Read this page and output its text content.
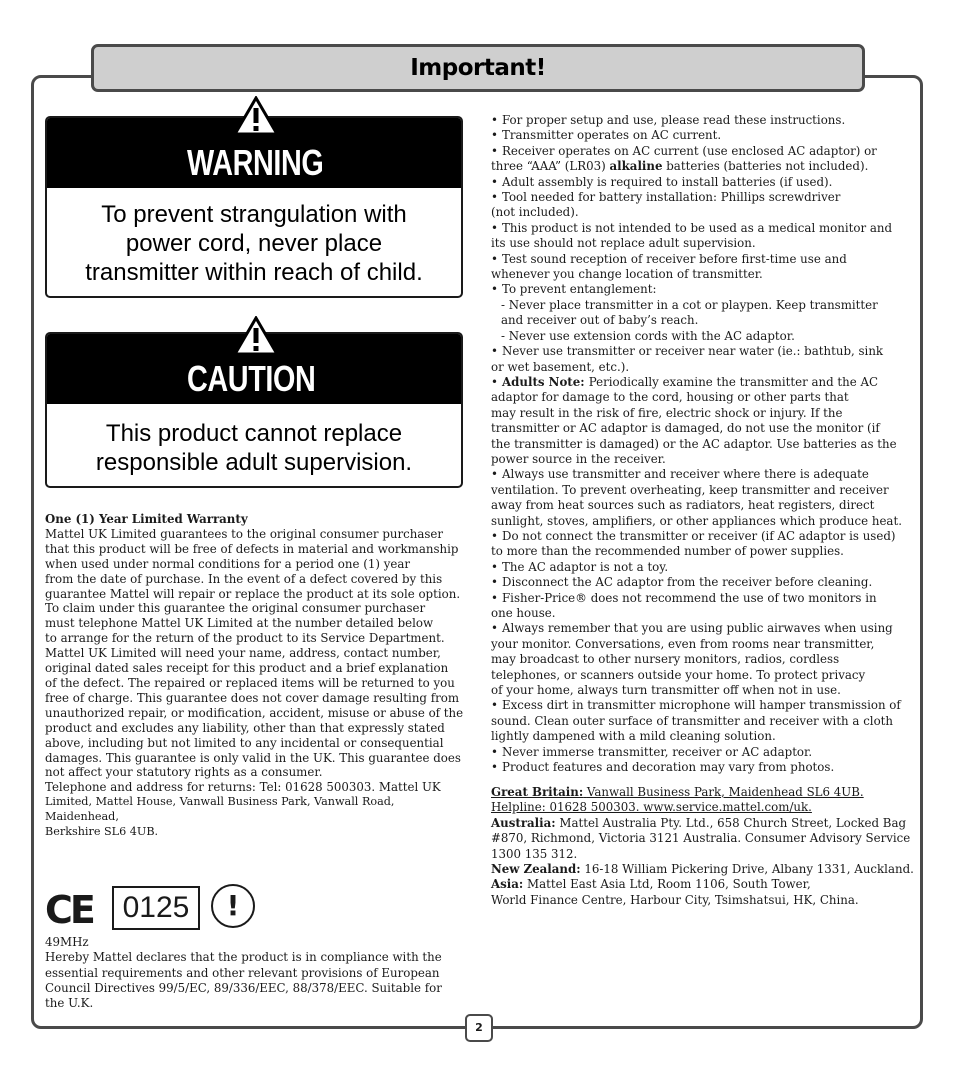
Important!
WARNING
To prevent strangulation with
power cord, never place
transmitter within reach of child.
CAUTION
This product cannot replace
responsible adult supervision.
One (1) Year Limited Warranty
Mattel UK Limited guarantees to the original consumer purchaser
that this product will be free of defects in material and workmanship
when used under normal conditions for a period one (1) year
from the date of purchase. In the event of a defect covered by this
guarantee Mattel will repair or replace the product at its sole option.
To claim under this guarantee the original consumer purchaser
must telephone Mattel UK Limited at the number detailed below
to arrange for the return of the product to its Service Department.
Mattel UK Limited will need your name, address, contact number,
original dated sales receipt for this product and a brief explanation
of the defect. The repaired or replaced items will be returned to you
free of charge. This guarantee does not cover damage resulting from
unauthorized repair, or modification, accident, misuse or abuse of the
product and excludes any liability, other than that expressly stated
above, including but not limited to any incidental or consequential
damages. This guarantee is only valid in the UK. This guarantee does
not affect your statutory rights as a consumer.
Telephone and address for returns: Tel: 01628 500303. Mattel UK
Limited, Mattel House, Vanwall Business Park, Vanwall Road, Maidenhead,
Berkshire SL6 4UB.
CE 0125	!
49MHz
Hereby Mattel declares that the product is in compliance with the
essential requirements and other relevant provisions of European
Council Directives 99/5/EC, 89/336/EEC, 88/378/EEC. Suitable for
the U.K.
• For proper setup and use, please read these instructions.
• Transmitter operates on AC current.
• Receiver operates on AC current (use enclosed AC adaptor) or
three “AAA” (LR03) alkaline batteries (batteries not included).
• Adult assembly is required to install batteries (if used).
• Tool needed for battery installation: Phillips screwdriver
(not included).
• This product is not intended to be used as a medical monitor and
its use should not replace adult supervision.
• Test sound reception of receiver before first-time use and
whenever you change location of transmitter.
• To prevent entanglement:
- Never place transmitter in a cot or playpen. Keep transmitter
and receiver out of baby’s reach.
- Never use extension cords with the AC adaptor.
• Never use transmitter or receiver near water (ie.: bathtub, sink
or wet basement, etc.).
• Adults Note: Periodically examine the transmitter and the AC
adaptor for damage to the cord, housing or other parts that
may result in the risk of fire, electric shock or injury. If the
transmitter or AC adaptor is damaged, do not use the monitor (if
the transmitter is damaged) or the AC adaptor. Use batteries as the
power source in the receiver.
• Always use transmitter and receiver where there is adequate
ventilation. To prevent overheating, keep transmitter and receiver
away from heat sources such as radiators, heat registers, direct
sunlight, stoves, amplifiers, or other appliances which produce heat.
• Do not connect the transmitter or receiver (if AC adaptor is used)
to more than the recommended number of power supplies.
• The AC adaptor is not a toy.
• Disconnect the AC adaptor from the receiver before cleaning.
• Fisher-Price® does not recommend the use of two monitors in
one house.
• Always remember that you are using public airwaves when using
your monitor. Conversations, even from rooms near transmitter,
may broadcast to other nursery monitors, radios, cordless
telephones, or scanners outside your home. To protect privacy
of your home, always turn transmitter off when not in use.
• Excess dirt in transmitter microphone will hamper transmission of
sound. Clean outer surface of transmitter and receiver with a cloth
lightly dampened with a mild cleaning solution.
• Never immerse transmitter, receiver or AC adaptor.
• Product features and decoration may vary from photos.
Great Britain: Vanwall Business Park, Maidenhead SL6 4UB.
Helpline: 01628 500303. www.service.mattel.com/uk.
Australia: Mattel Australia Pty. Ltd., 658 Church Street, Locked Bag
#870, Richmond, Victoria 3121 Australia. Consumer Advisory Service
1300 135 312.
New Zealand: 16-18 William Pickering Drive, Albany 1331, Auckland.
Asia: Mattel East Asia Ltd, Room 1106, South Tower,
World Finance Centre, Harbour City, Tsimshatsui, HK, China.
2
